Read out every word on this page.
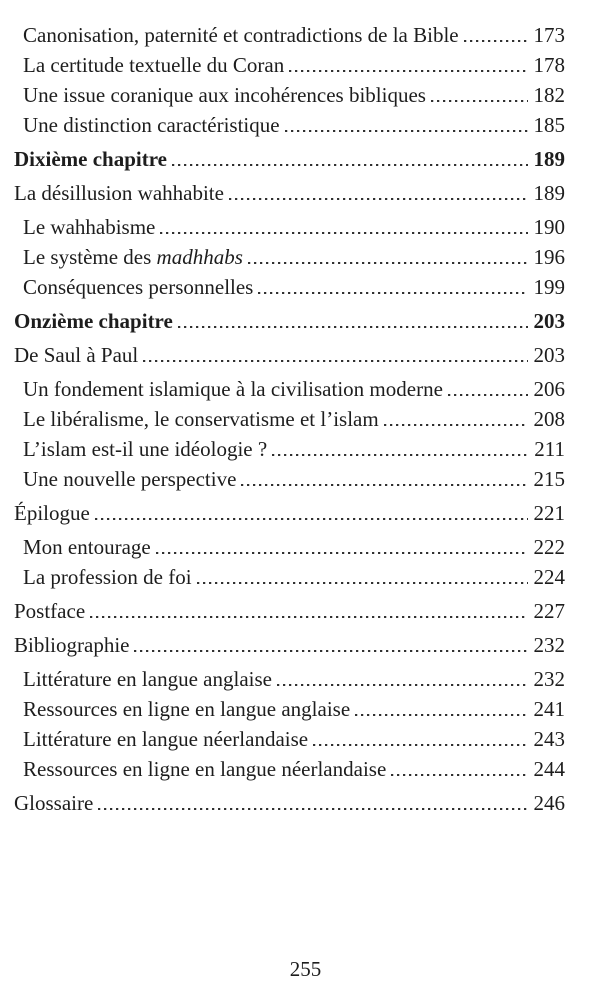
Canonisation, paternité et contradictions de la Bible	173
La certitude textuelle du Coran	178
Une issue coranique aux incohérences bibliques	182
Une distinction caractéristique	185
Dixième chapitre	189
La désillusion wahhabite	189
Le wahhabisme	190
Le système des madhhabs	196
Conséquences personnelles	199
Onzième chapitre	203
De Saul à Paul	203
Un fondement islamique à la civilisation moderne	206
Le libéralisme, le conservatisme et l’islam	208
L’islam est-il une idéologie ?	211
Une nouvelle perspective	215
Épilogue	221
Mon entourage	222
La profession de foi	224
Postface	227
Bibliographie	232
Littérature en langue anglaise	232
Ressources en ligne en langue anglaise	241
Littérature en langue néerlandaise	243
Ressources en ligne en langue néerlandaise	244
Glossaire	246
255
